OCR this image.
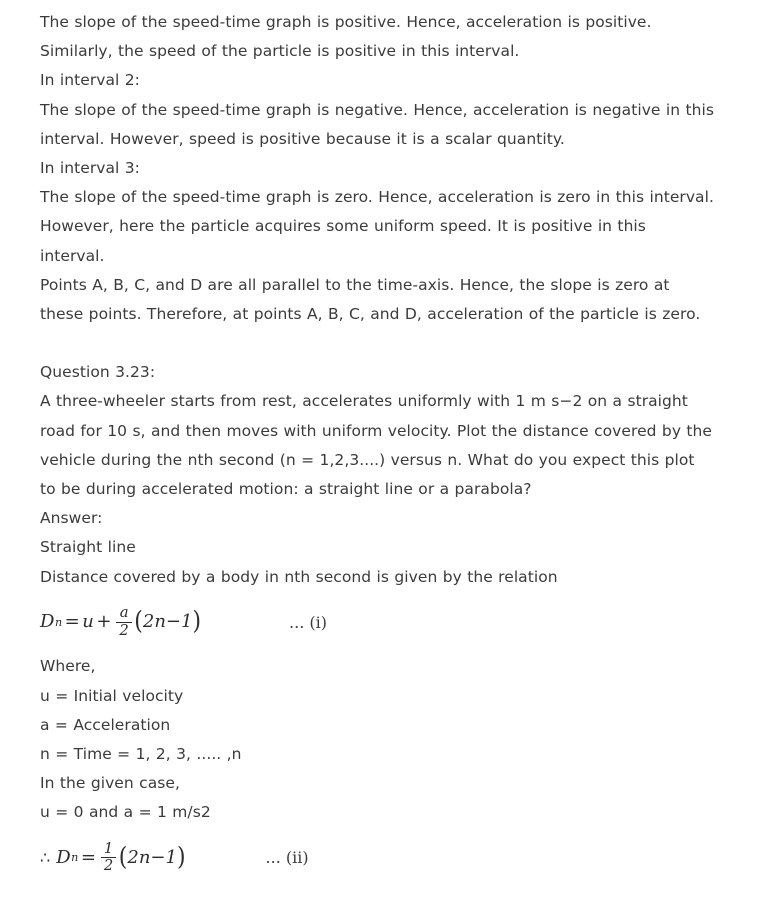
The slope of the speed-time graph is positive. Hence, acceleration is positive.
Similarly, the speed of the particle is positive in this interval.
In interval 2:
The slope of the speed-time graph is negative. Hence, acceleration is negative in this
interval. However, speed is positive because it is a scalar quantity.
In interval 3:
The slope of the speed-time graph is zero. Hence, acceleration is zero in this interval.
However, here the particle acquires some uniform speed. It is positive in this
interval.
Points A, B, C, and D are all parallel to the time-axis. Hence, the slope is zero at
these points. Therefore, at points A, B, C, and D, acceleration of the particle is zero.
Question 3.23:
A three-wheeler starts from rest, accelerates uniformly with 1 m s−2 on a straight
road for 10 s, and then moves with uniform velocity. Plot the distance covered by the
vehicle during the nth second (n = 1,2,3....) versus n. What do you expect this plot
to be during accelerated motion: a straight line or a parabola?
Answer:
Straight line
Distance covered by a body in nth second is given by the relation
D $n = u + \frac{a}{2}$ ( 2n−1 )	... (i)
Where,
u = Initial velocity
a = Acceleration
n = Time = 1, 2, 3, ..... ,n
In the given case,
u = 0 and a = 1 m/s2
∴ D $n = \frac{1}{2}$ ( 2n−1 )	... (ii)
